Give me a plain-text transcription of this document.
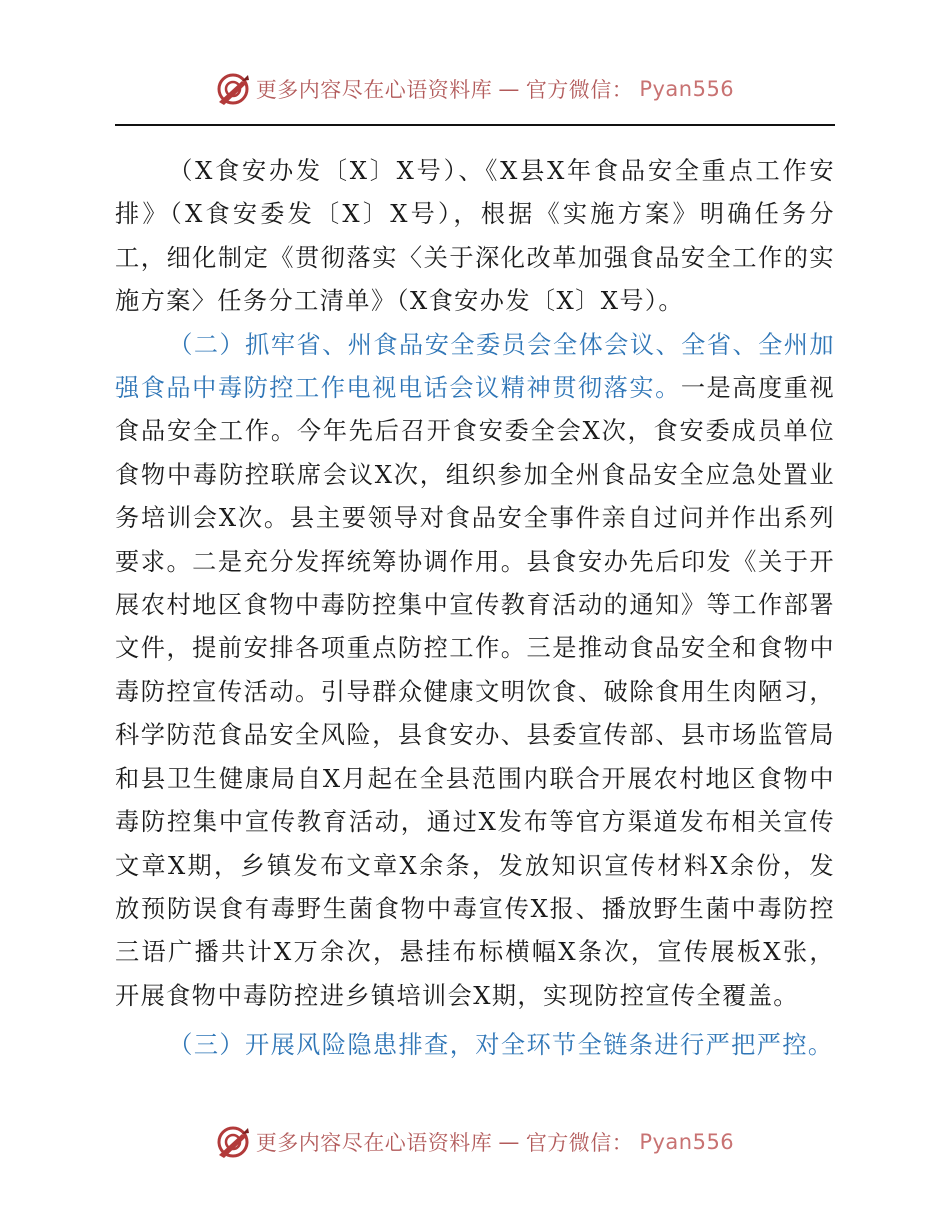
更多内容尽在心语资料库 — 官方微信： Pyan556

（X食安办发〔X〕X号）、《X县X年食品安全重点工作安排》（X食安委发〔X〕X号），根据《实施方案》明确任务分工，细化制定《贯彻落实〈关于深化改革加强食品安全工作的实施方案〉任务分工清单》（X食安办发〔X〕X号）。

（二）抓牢省、州食品安全委员会全体会议、全省、全州加强食品中毒防控工作电视电话会议精神贯彻落实。一是高度重视食品安全工作。今年先后召开食安委全会X次，食安委成员单位食物中毒防控联席会议X次，组织参加全州食品安全应急处置业务培训会X次。县主要领导对食品安全事件亲自过问并作出系列要求。二是充分发挥统筹协调作用。县食安办先后印发《关于开展农村地区食物中毒防控集中宣传教育活动的通知》等工作部署文件，提前安排各项重点防控工作。三是推动食品安全和食物中毒防控宣传活动。引导群众健康文明饮食、破除食用生肉陋习，科学防范食品安全风险，县食安办、县委宣传部、县市场监管局和县卫生健康局自X月起在全县范围内联合开展农村地区食物中毒防控集中宣传教育活动，通过X发布等官方渠道发布相关宣传文章X期，乡镇发布文章X余条，发放知识宣传材料X余份，发放预防误食有毒野生菌食物中毒宣传X报、播放野生菌中毒防控三语广播共计X万余次，悬挂布标横幅X条次，宣传展板X张，开展食物中毒防控进乡镇培训会X期，实现防控宣传全覆盖。

（三）开展风险隐患排查，对全环节全链条进行严把严控。

更多内容尽在心语资料库 — 官方微信： Pyan556
